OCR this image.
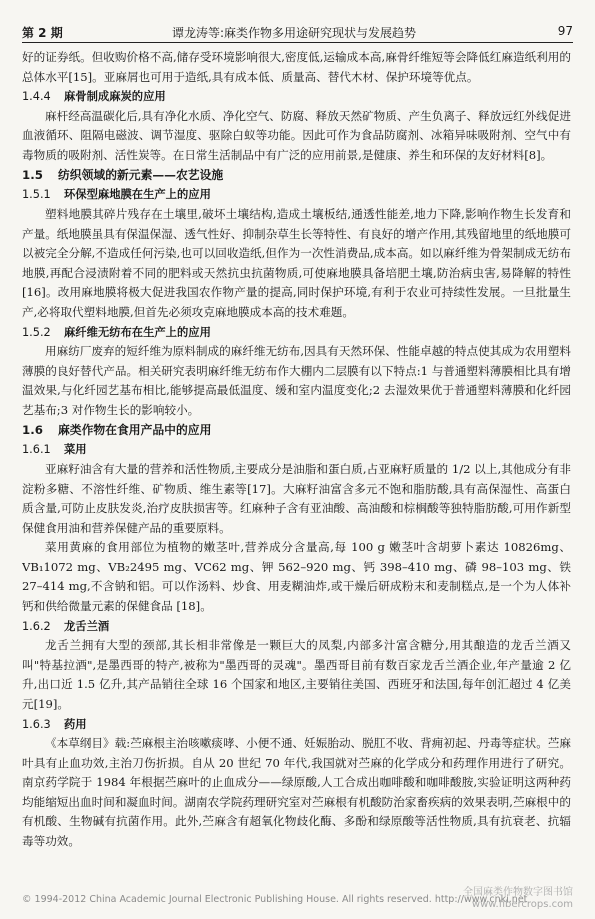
第 2 期	谭龙涛等:麻类作物多用途研究现状与发展趋势	97

好的证券纸。但收购价格不高,储存受环境影响很大,密度低,运输成本高,麻骨纤维短等会降低红麻造纸利用的总体水平[15]。亚麻屑也可用于造纸,具有成本低、质量高、替代木材、保护环境等优点。

1.4.4 麻骨制成麻炭的应用

麻杆经高温碳化后,具有净化水质、净化空气、防腐、释放天然矿物质、产生负离子、释放远红外线促进血液循环、阻隔电磁波、调节湿度、驱除白蚁等功能。因此可作为食品防腐剂、冰箱异味吸附剂、空气中有毒物质的吸附剂、活性炭等。在日常生活制品中有广泛的应用前景,是健康、养生和环保的友好材料[8]。

1.5 纺织领域的新元素——农艺设施
1.5.1 环保型麻地膜在生产上的应用

塑料地膜其碎片残存在土壤里,破坏土壤结构,造成土壤板结,通透性能差,地力下降,影响作物生长发育和产量。纸地膜虽具有保温保湿、透气性好、抑制杂草生长等特性、有良好的增产作用,其残留地里的纸地膜可以被完全分解,不造成任何污染,也可以回收造纸,但作为一次性消费品,成本高。如以麻纤维为骨架制成无纺布地膜,再配合浸渍附着不同的肥料或天然抗虫抗菌物质,可使麻地膜具备培肥土壤,防治病虫害,易降解的特性[16]。改用麻地膜将极大促进我国农作物产量的提高,同时保护环境,有利于农业可持续性发展。一旦批量生产,必将取代塑料地膜,但首先必须攻克麻地膜成本高的技术难题。

1.5.2 麻纤维无纺布在生产上的应用

用麻纺厂废弃的短纤维为原料制成的麻纤维无纺布,因具有天然环保、性能卓越的特点使其成为农用塑料薄膜的良好替代产品。相关研究表明麻纤维无纺布作大棚内二层膜有以下特点:1 与普通塑料薄膜相比具有增温效果,与化纤园艺基布相比,能够提高最低温度、缓和室内温度变化;2 去湿效果优于普通塑料薄膜和化纤园艺基布;3 对作物生长的影响较小。

1.6 麻类作物在食用产品中的应用
1.6.1 菜用

亚麻籽油含有大量的营养和活性物质,主要成分是油脂和蛋白质,占亚麻籽质量的 1/2 以上,其他成分有非淀粉多糖、不溶性纤维、矿物质、维生素等[17]。大麻籽油富含多元不饱和脂肪酸,具有高保湿性、高蛋白质含量,可防止皮肤发炎,治疗皮肤损害等。红麻种子含有亚油酸、高油酸和棕榈酸等独特脂肪酸,可用作新型保健食用油和营养保健产品的重要原料。

菜用黄麻的食用部位为植物的嫩茎叶,营养成分含量高,每 100 g 嫩茎叶含胡萝卜素达 10826mg、VB₁1072 mg、VB₂2495 mg、VC62 mg、钾 562–920 mg、钙 398–410 mg、磷 98–103 mg、铁 27–414 mg,不含钠和铝。可以作汤料、炒食、用麦糊油炸,或干燥后研成粉末和麦制糕点,是一个为人体补钙和供给微量元素的保健食品 [18]。

1.6.2 龙舌兰酒

龙舌兰拥有大型的颈部,其长相非常像是一颗巨大的凤梨,内部多汁富含糖分,用其酿造的龙舌兰酒又叫"特基拉酒",是墨西哥的特产,被称为"墨西哥的灵魂"。墨西哥目前有数百家龙舌兰酒企业,年产量逾 2 亿升,出口近 1.5 亿升,其产品销往全球 16 个国家和地区,主要销往美国、西班牙和法国,每年创汇超过 4 亿美元[19]。

1.6.3 药用

《本草纲目》载:苎麻根主治咳嗽痰哮、小便不通、妊娠胎动、脱肛不收、背痈初起、丹毒等症状。苎麻叶具有止血功效,主治刀伤折损。自从 20 世纪 70 年代,我国就对苎麻的化学成分和药理作用进行了研究。南京药学院于 1984 年根据苎麻叶的止血成分——绿原酸,人工合成出咖啡酸和咖啡酸胺,实验证明这两种药均能缩短出血时间和凝血时间。湖南农学院药理研究室对苎麻根有机酸防治家畜疾病的效果表明,苎麻根中的有机酸、生物碱有抗菌作用。此外,苎麻含有超氧化物歧化酶、多酚和绿原酸等活性物质,具有抗衰老、抗辐毒等功效。

© 1994-2012 China Academic Journal Electronic Publishing House. All rights reserved. http://www.cnki.net
全国麻类作物数字图书馆
www.fibercrops.com
